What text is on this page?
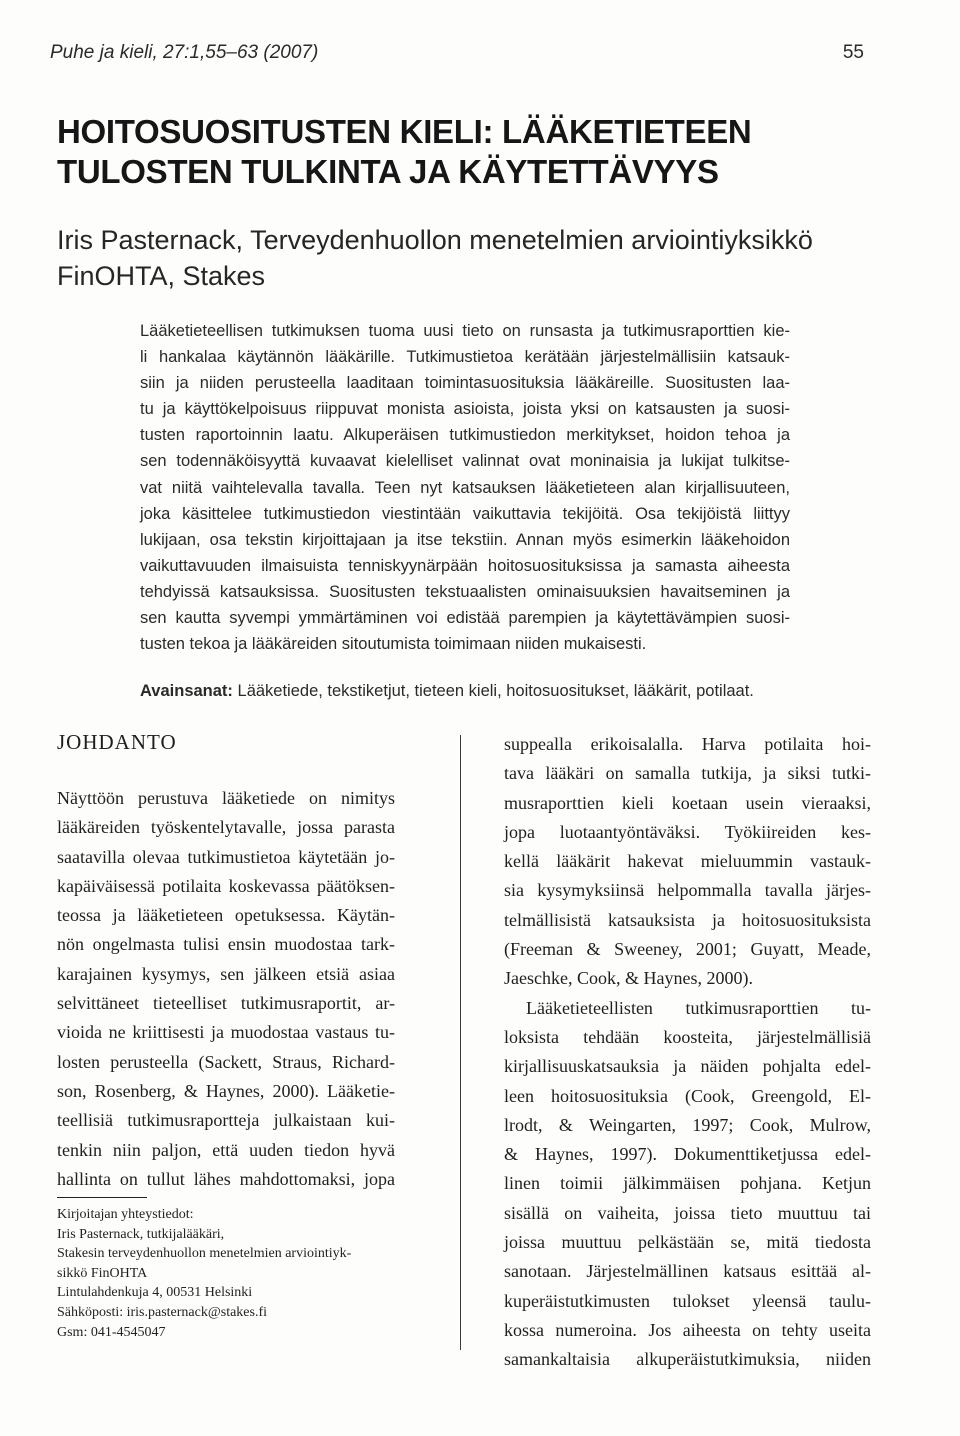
Puhe ja kieli, 27:1,55–63 (2007)	55
HOITOSUOSITUSTEN KIELI: LÄÄKETIETEEN
TULOSTEN TULKINTA JA KÄYTETTÄVYYS

Iris Pasternack, Terveydenhuollon menetelmien arviointiyksikkö
FinOHTA, Stakes

Lääketieteellisen tutkimuksen tuoma uusi tieto on runsasta ja tutkimusraporttien kie-
li hankalaa käytännön lääkärille. Tutkimustietoa kerätään järjestelmällisiin katsauk-
siin ja niiden perusteella laaditaan toimintasuosituksia lääkäreille. Suositusten laa-
tu ja käyttökelpoisuus riippuvat monista asioista, joista yksi on katsausten ja suosi-
tusten raportoinnin laatu. Alkuperäisen tutkimustiedon merkitykset, hoidon tehoa ja
sen todennäköisyyttä kuvaavat kielelliset valinnat ovat moninaisia ja lukijat tulkitse-
vat niitä vaihtelevalla tavalla. Teen nyt katsauksen lääketieteen alan kirjallisuuteen,
joka käsittelee tutkimustiedon viestintään vaikuttavia tekijöitä. Osa tekijöistä liittyy
lukijaan, osa tekstin kirjoittajaan ja itse tekstiin. Annan myös esimerkin lääkehoidon
vaikuttavuuden ilmaisuista tenniskyynärpään hoitosuosituksissa ja samasta aiheesta
tehdyissä katsauksissa. Suositusten tekstuaalisten ominaisuuksien havaitseminen ja
sen kautta syvempi ymmärtäminen voi edistää parempien ja käytettävämpien suosi-
tusten tekoa ja lääkäreiden sitoutumista toimimaan niiden mukaisesti.
Avainsanat: Lääketiede, tekstiketjut, tieteen kieli, hoitosuositukset, lääkärit, potilaat.
JOHDANTO
Näyttöön perustuva lääketiede on nimitys
lääkäreiden työskentelytavalle, jossa parasta
saatavilla olevaa tutkimustietoa käytetään jo-
kapäiväisessä potilaita koskevassa päätöksen-
teossa ja lääketieteen opetuksessa. Käytän-
nön ongelmasta tulisi ensin muodostaa tark-
karajainen kysymys, sen jälkeen etsiä asiaa
selvittäneet tieteelliset tutkimusraportit, ar-
vioida ne kriittisesti ja muodostaa vastaus tu-
losten perusteella (Sackett, Straus, Richard-
son, Rosenberg, & Haynes, 2000). Lääketie-
teellisiä tutkimusraportteja julkaistaan kui-
tenkin niin paljon, että uuden tiedon hyvä
hallinta on tullut lähes mahdottomaksi, jopa
suppealla erikoisalalla. Harva potilaita hoi-
tava lääkäri on samalla tutkija, ja siksi tutki-
musraporttien kieli koetaan usein vieraaksi,
jopa luotaantyöntäväksi. Työkiireiden kes-
kellä lääkärit hakevat mieluummin vastauk-
sia kysymyksiinsä helpommalla tavalla järjes-
telmällisistä katsauksista ja hoitosuosituksista
(Freeman & Sweeney, 2001; Guyatt, Meade,
Jaeschke, Cook, & Haynes, 2000).
Lääketieteellisten tutkimusraporttien tu-
loksista tehdään koosteita, järjestelmällisiä
kirjallisuuskatsauksia ja näiden pohjalta edel-
leen hoitosuosituksia (Cook, Greengold, El-
lrodt, & Weingarten, 1997; Cook, Mulrow,
& Haynes, 1997). Dokumenttiketjussa edel-
linen toimii jälkimmäisen pohjana. Ketjun
sisällä on vaiheita, joissa tieto muuttuu tai
joissa muuttuu pelkästään se, mitä tiedosta
sanotaan. Järjestelmällinen katsaus esittää al-
kuperäistutkimusten tulokset yleensä taulu-
kossa numeroina. Jos aiheesta on tehty useita
samankaltaisia alkuperäistutkimuksia, niiden
Kirjoitajan yhteystiedot:
Iris Pasternack, tutkijalääkäri,
Stakesin terveydenhuollon menetelmien arviointiyk-
sikkö FinOHTA
Lintulahdenkuja 4, 00531 Helsinki
Sähköposti: iris.pasternack@stakes.fi
Gsm: 041-4545047
